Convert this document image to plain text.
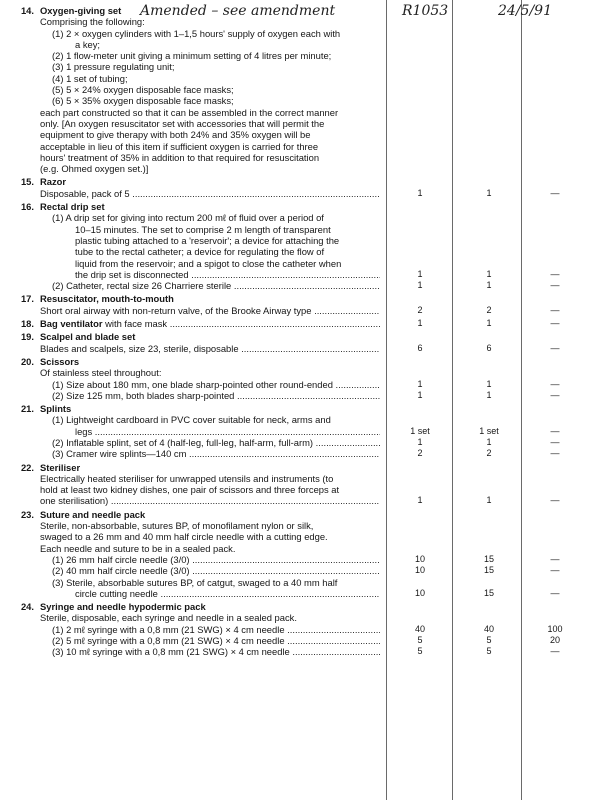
Amended – see amendment	R1053	24/5/91
14. Oxygen-giving set
Comprising the following:
(1) 2 × oxygen cylinders with 1–1,5 hours' supply of oxygen each with
a key;
(2) 1 flow-meter unit giving a minimum setting of 4 litres per minute;
(3) 1 pressure regulating unit;
(4) 1 set of tubing;
(5) 5 × 24% oxygen disposable face masks;
(6) 5 × 35% oxygen disposable face masks;
each part constructed so that it can be assembled in the correct manner
only. [An oxygen resuscitator set with accessories that will permit the
equipment to give therapy with both 24% and 35% oxygen will be
acceptable in lieu of this item if sufficient oxygen is carried for three
hours' treatment of 35% in addition to that required for resuscitation
(e.g. Ohmed oxygen set.)]
15. Razor
Disposable, pack of 5 .....	1	1	—
16. Rectal drip set
(1) A drip set for giving into rectum 200 mℓ of fluid over a period of
10–15 minutes. The set to comprise 2 m length of transparent
plastic tubing attached to a 'reservoir'; a device for attaching the
tube to the rectal catheter; a device for regulating the flow of
liquid from the reservoir; and a spigot to close the catheter when
the drip set is disconnected .....	1	1	—
(2) Catheter, rectal size 26 Charriere sterile .....	1	1	—
17. Resuscitator, mouth-to-mouth
Short oral airway with non-return valve, of the Brooke Airway type .....	2	2	—
18. Bag ventilator with face mask .....	1	1	—
19. Scalpel and blade set
Blades and scalpels, size 23, sterile, disposable .....	6	6	—
20. Scissors
Of stainless steel throughout:
(1) Size about 180 mm, one blade sharp-pointed other round-ended .....	1	1	—
(2) Size 125 mm, both blades sharp-pointed .....	1	1	—
21. Splints
(1) Lightweight cardboard in PVC cover suitable for neck, arms and
legs .....	1 set	1 set	—
(2) Inflatable splint, set of 4 (half-leg, full-leg, half-arm, full-arm) .....	1	1	—
(3) Cramer wire splints—140 cm .....	2	2	—
22. Steriliser
Electrically heated steriliser for unwrapped utensils and instruments (to
hold at least two kidney dishes, one pair of scissors and three forceps at
one sterilisation) .....	1	1	—
23. Suture and needle pack
Sterile, non-absorbable, sutures BP, of monofilament nylon or silk,
swaged to a 26 mm and 40 mm half circle needle with a cutting edge.
Each needle and suture to be in a sealed pack.
(1) 26 mm half circle needle (3/0) .....	10	15	—
(2) 40 mm half circle needle (3/0) .....	10	15	—
(3) Sterile, absorbable sutures BP, of catgut, swaged to a 40 mm half
circle cutting needle .....	10	15	—
24. Syringe and needle hypodermic pack
Sterile, disposable, each syringe and needle in a sealed pack.
(1) 2 mℓ syringe with a 0,8 mm (21 SWG) × 4 cm needle .....	40	40	100
(2) 5 mℓ syringe with a 0,8 mm (21 SWG) × 4 cm needle .....	5	5	20
(3) 10 mℓ syringe with a 0,8 mm (21 SWG) × 4 cm needle .....	5	5	—
